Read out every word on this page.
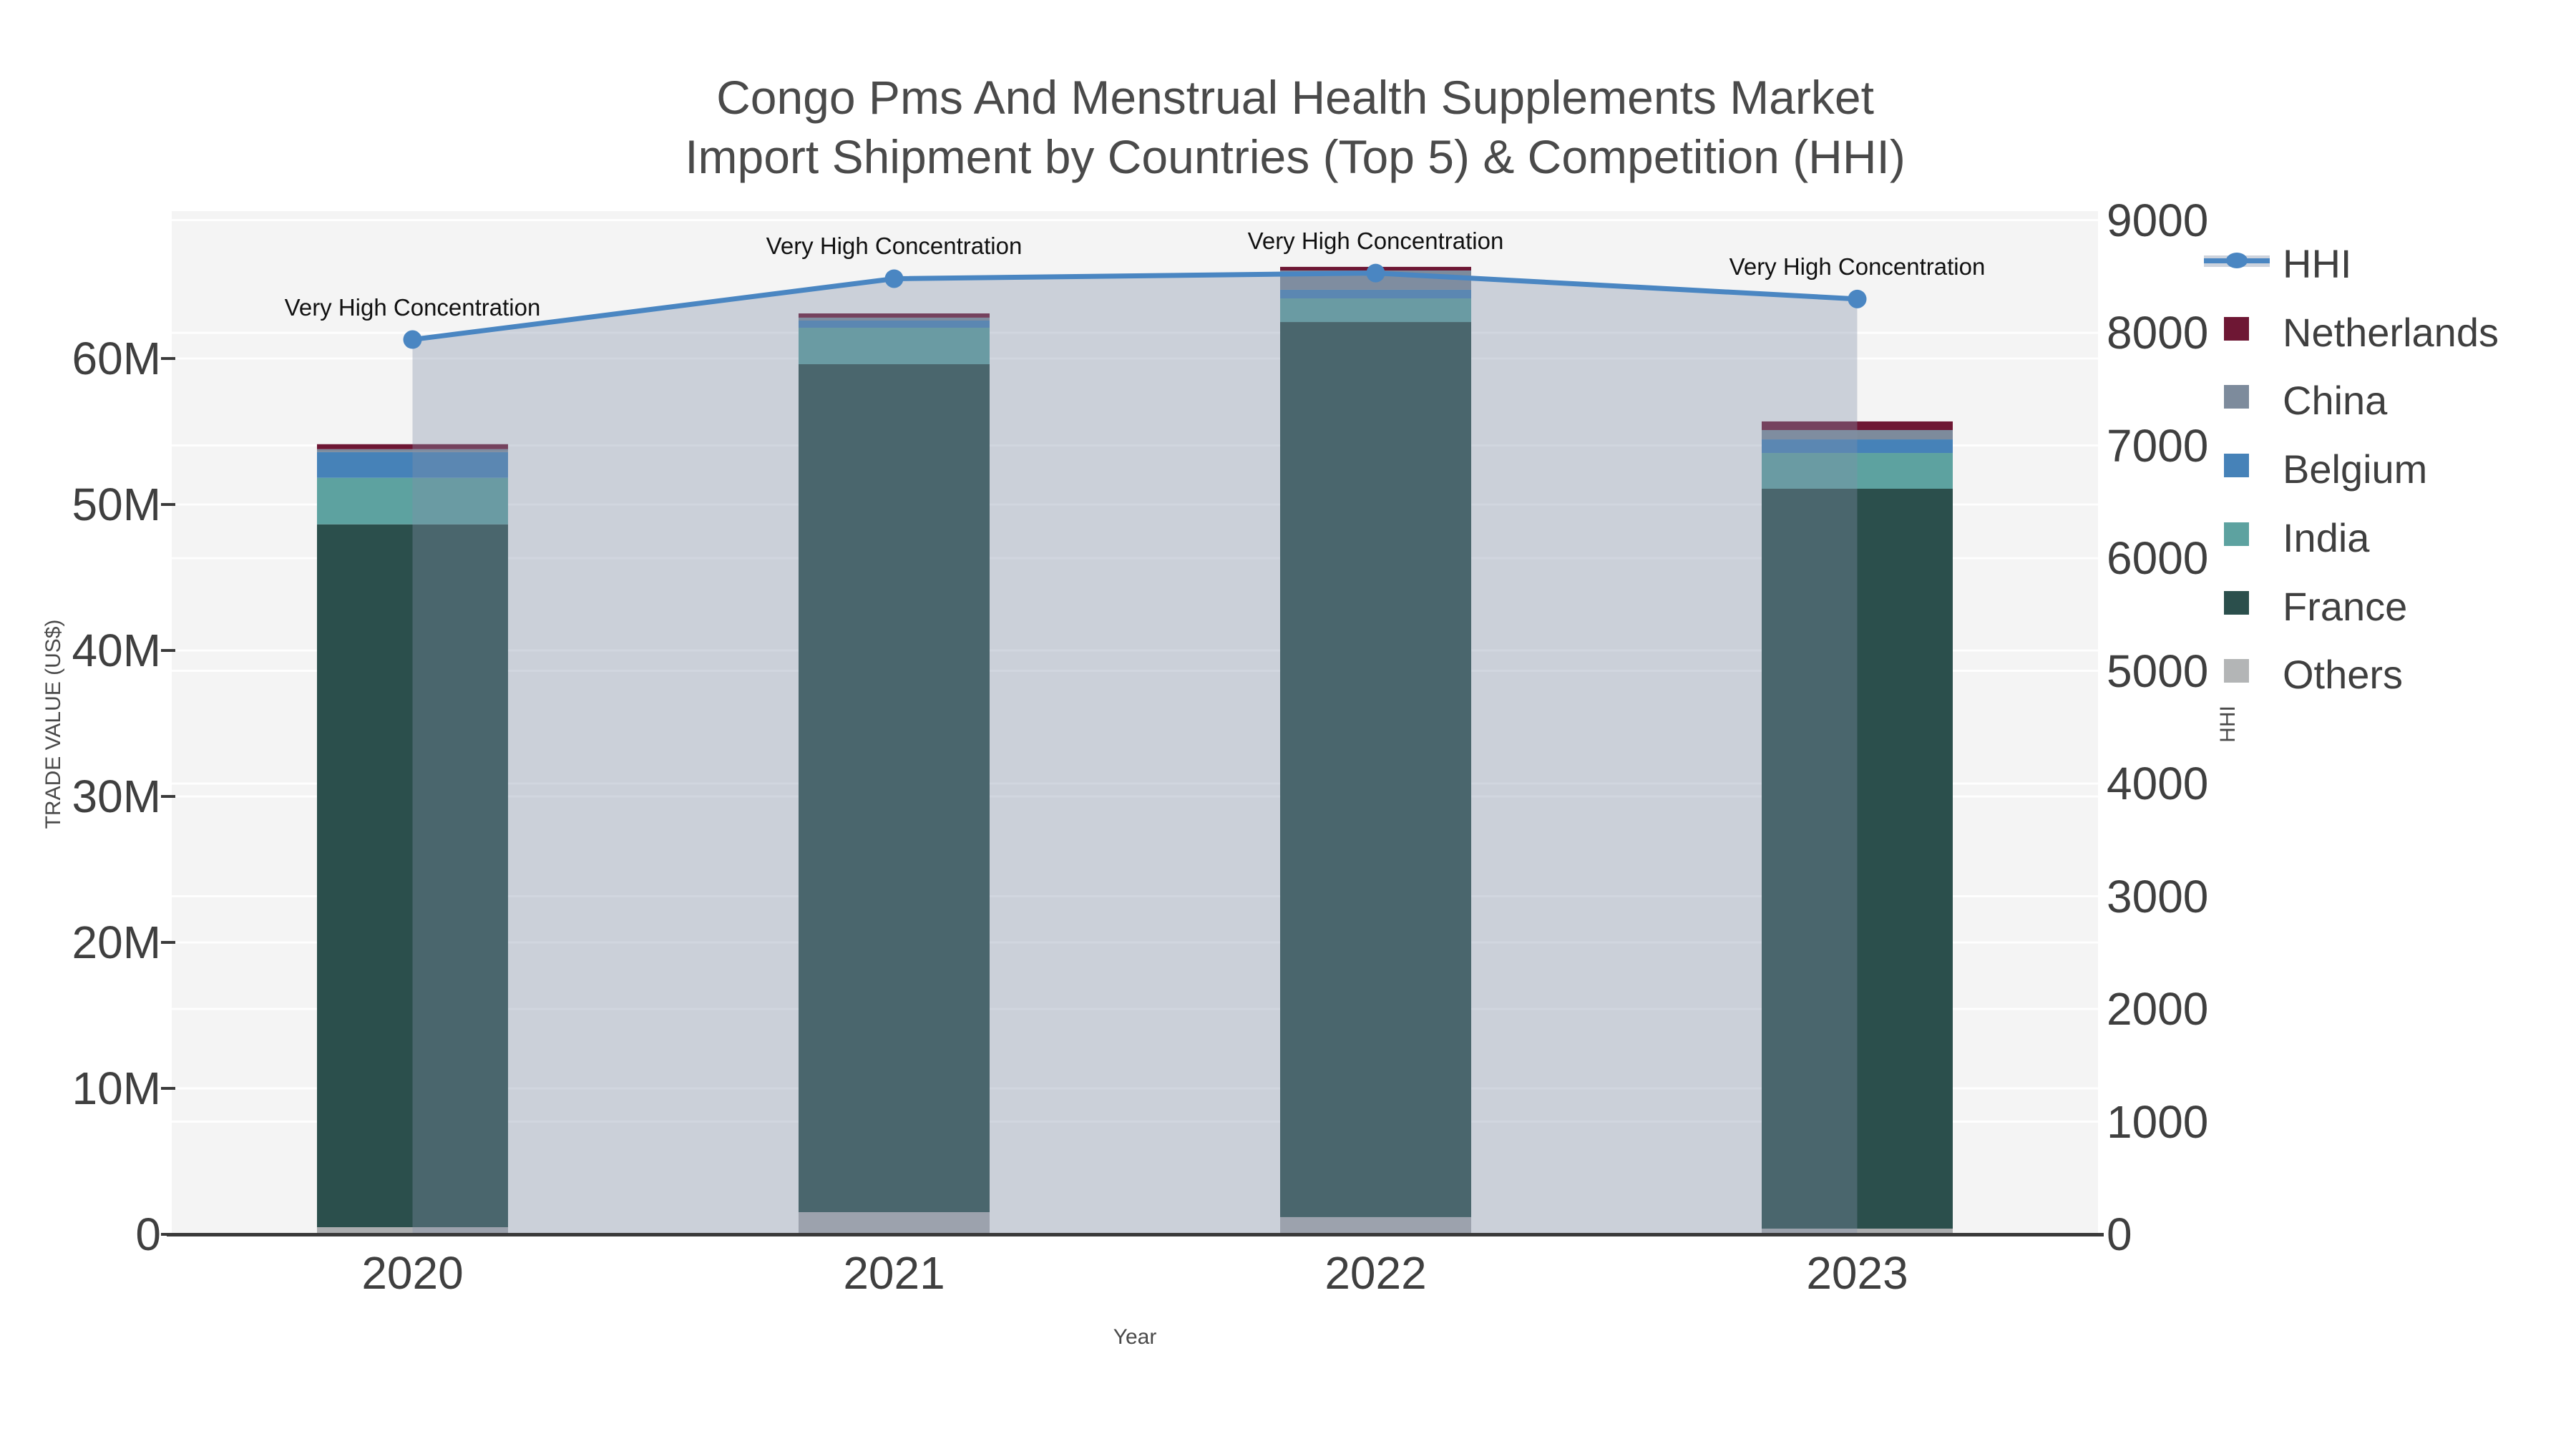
Congo Pms And Menstrual Health Supplements Market
Import Shipment by Countries (Top 5) & Competition (HHI)
0
10M
20M
30M
40M
50M
60M
0
1000
2000
3000
4000
5000
6000
7000
8000
9000
2020	2021	2022	2023
TRADE VALUE (US$)	HHI
Year
Very High Concentration
Very High Concentration	Very High Concentration
Very High Concentration	HHI
Netherlands
China
Belgium
India
France
Others
